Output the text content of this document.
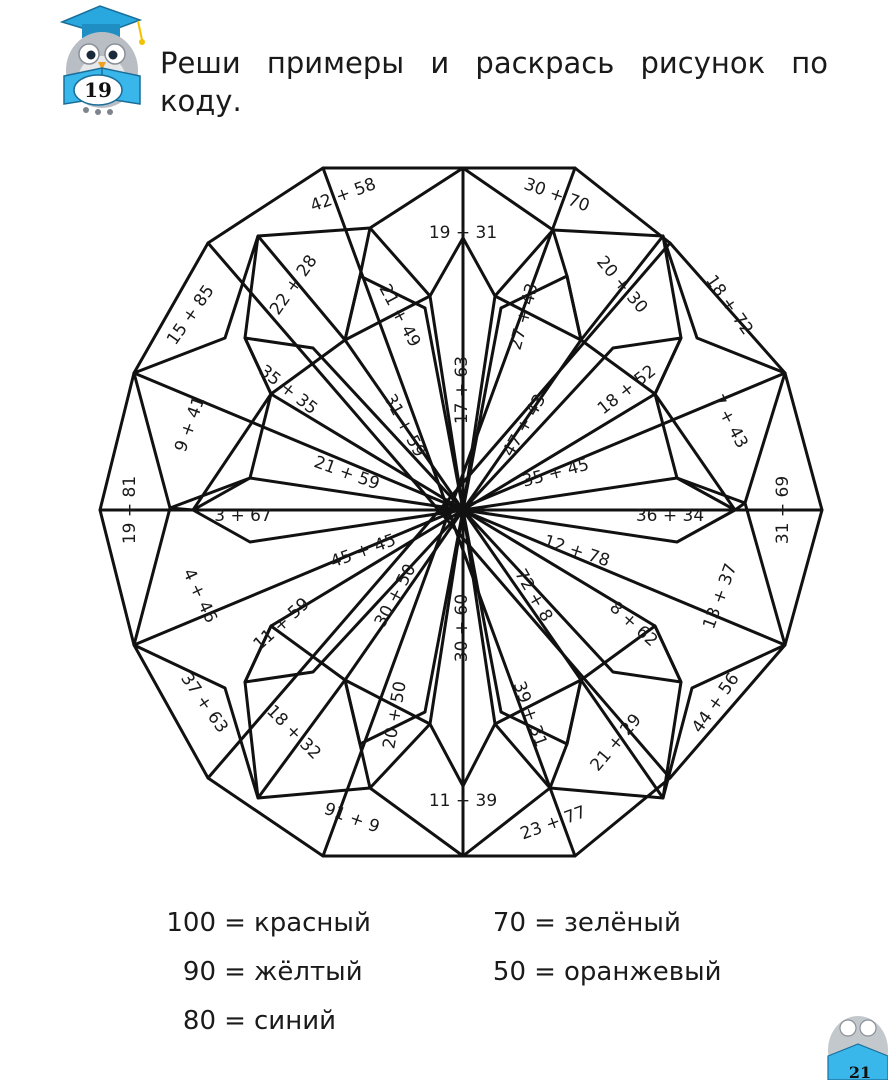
19
Реши примеры и раскрась рисунок по коду.
42 + 58	30 + 70
19 + 31
22 + 28	21 + 49	27 + 43	20 + 30	18 + 72
15 + 85
35 + 35
31 + 59
17 + 63
47 + 43
18 + 52
7 + 43
9 + 41
21 + 59	35 + 45
19 + 81	3 + 67	36 + 34	31 + 69
45 + 45	12 + 78
4 + 46	30 + 50 30 + 60 72 + 8	13 + 37
11 + 59	8 + 62
37 + 63	20 + 50	39 + 31	44 + 56
18 + 32	21 + 29
11 + 39
91 + 9	23 + 77
100 = красный
90 = жёлтый
80 = синий
70 = зелёный
50 = оранжевый
21
